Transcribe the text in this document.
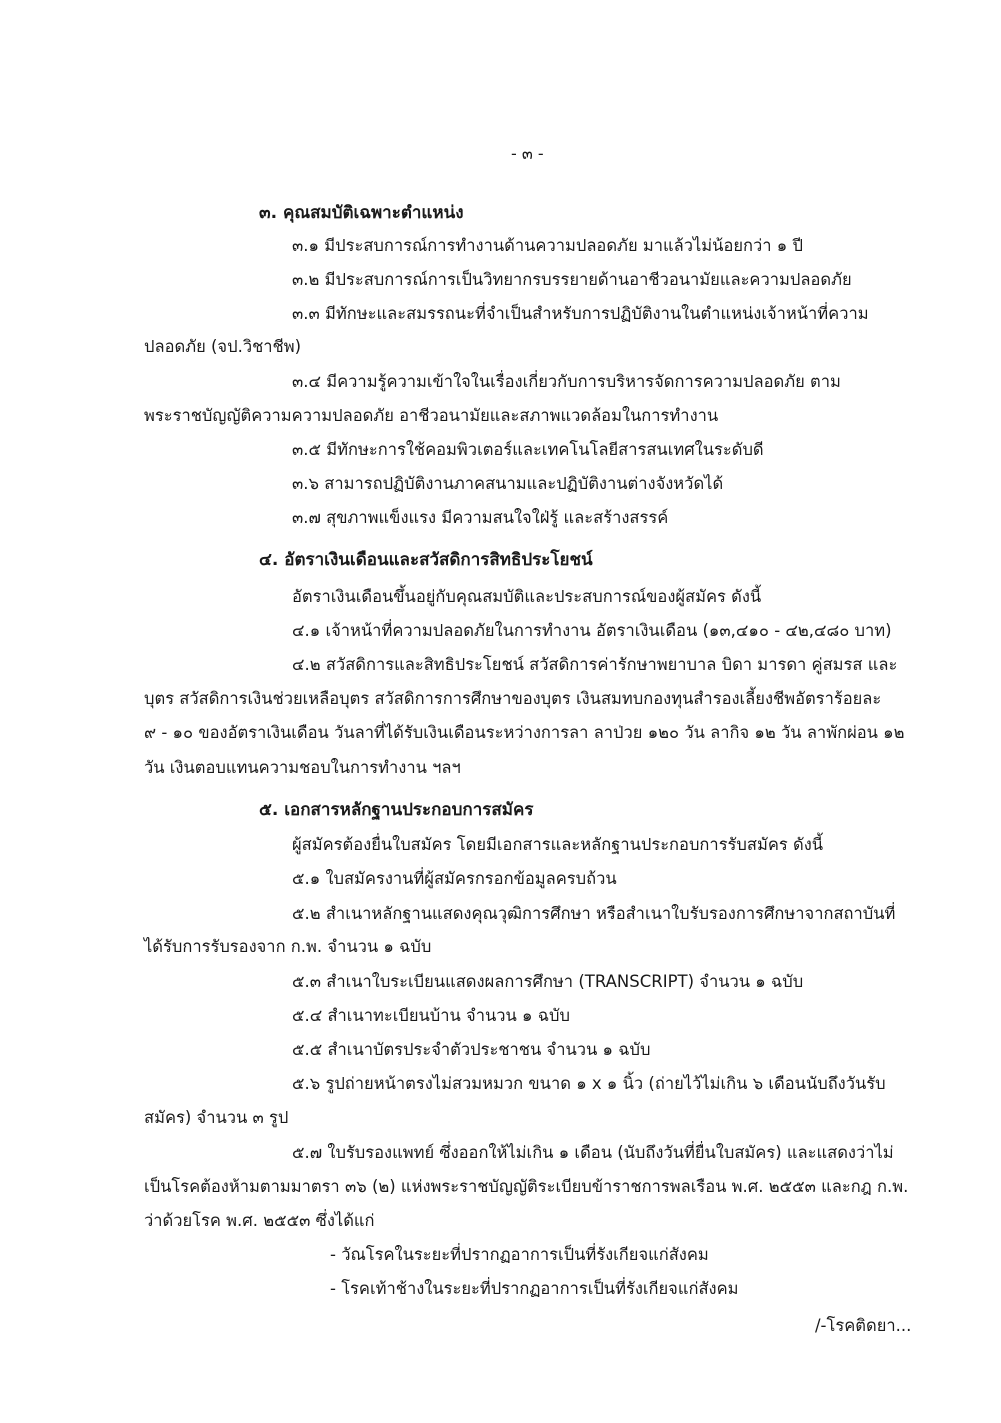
- ๓ -

๓. คุณสมบัติเฉพาะตำแหน่ง

๓.๑ มีประสบการณ์การทำงานด้านความปลอดภัย มาแล้วไม่น้อยกว่า ๑ ปี

๓.๒ มีประสบการณ์การเป็นวิทยากรบรรยายด้านอาชีวอนามัยและความปลอดภัย

๓.๓ มีทักษะและสมรรถนะที่จำเป็นสำหรับการปฏิบัติงานในตำแหน่งเจ้าหน้าที่ความ

ปลอดภัย (จป.วิชาชีพ)

๓.๔ มีความรู้ความเข้าใจในเรื่องเกี่ยวกับการบริหารจัดการความปลอดภัย ตาม

พระราชบัญญัติความความปลอดภัย อาชีวอนามัยและสภาพแวดล้อมในการทำงาน

๓.๕ มีทักษะการใช้คอมพิวเตอร์และเทคโนโลยีสารสนเทศในระดับดี

๓.๖ สามารถปฏิบัติงานภาคสนามและปฏิบัติงานต่างจังหวัดได้

๓.๗ สุขภาพแข็งแรง มีความสนใจใฝ่รู้ และสร้างสรรค์

๔. อัตราเงินเดือนและสวัสดิการสิทธิประโยชน์

อัตราเงินเดือนขึ้นอยู่กับคุณสมบัติและประสบการณ์ของผู้สมัคร ดังนี้

๔.๑ เจ้าหน้าที่ความปลอดภัยในการทำงาน อัตราเงินเดือน (๑๓,๔๑๐ - ๔๒,๔๘๐ บาท)

๔.๒ สวัสดิการและสิทธิประโยชน์ สวัสดิการค่ารักษาพยาบาล บิดา มารดา คู่สมรส และ

บุตร สวัสดิการเงินช่วยเหลือบุตร สวัสดิการการศึกษาของบุตร เงินสมทบกองทุนสำรองเลี้ยงชีพอัตราร้อยละ

๙ - ๑๐ ของอัตราเงินเดือน วันลาที่ได้รับเงินเดือนระหว่างการลา ลาป่วย ๑๒๐ วัน ลากิจ ๑๒ วัน ลาพักผ่อน ๑๒

วัน เงินตอบแทนความชอบในการทำงาน ฯลฯ

๕. เอกสารหลักฐานประกอบการสมัคร

ผู้สมัครต้องยื่นใบสมัคร โดยมีเอกสารและหลักฐานประกอบการรับสมัคร ดังนี้

๕.๑ ใบสมัครงานที่ผู้สมัครกรอกข้อมูลครบถ้วน

๕.๒ สำเนาหลักฐานแสดงคุณวุฒิการศึกษา หรือสำเนาใบรับรองการศึกษาจากสถาบันที่

ได้รับการรับรองจาก ก.พ. จำนวน ๑ ฉบับ

๕.๓ สำเนาใบระเบียนแสดงผลการศึกษา (TRANSCRIPT) จำนวน ๑ ฉบับ

๕.๔ สำเนาทะเบียนบ้าน จำนวน ๑ ฉบับ

๕.๕ สำเนาบัตรประจำตัวประชาชน จำนวน ๑ ฉบับ

๕.๖ รูปถ่ายหน้าตรงไม่สวมหมวก ขนาด ๑ x ๑ นิ้ว (ถ่ายไว้ไม่เกิน ๖ เดือนนับถึงวันรับ

สมัคร) จำนวน ๓ รูป

๕.๗ ใบรับรองแพทย์ ซึ่งออกให้ไม่เกิน ๑ เดือน (นับถึงวันที่ยื่นใบสมัคร) และแสดงว่าไม่

เป็นโรคต้องห้ามตามมาตรา ๓๖ (๒) แห่งพระราชบัญญัติระเบียบข้าราชการพลเรือน พ.ศ. ๒๕๕๓ และกฎ ก.พ.

ว่าด้วยโรค พ.ศ. ๒๕๕๓ ซึ่งได้แก่

- วัณโรคในระยะที่ปรากฏอาการเป็นที่รังเกียจแก่สังคม

- โรคเท้าช้างในระยะที่ปรากฏอาการเป็นที่รังเกียจแก่สังคม

/-โรคติดยา...
